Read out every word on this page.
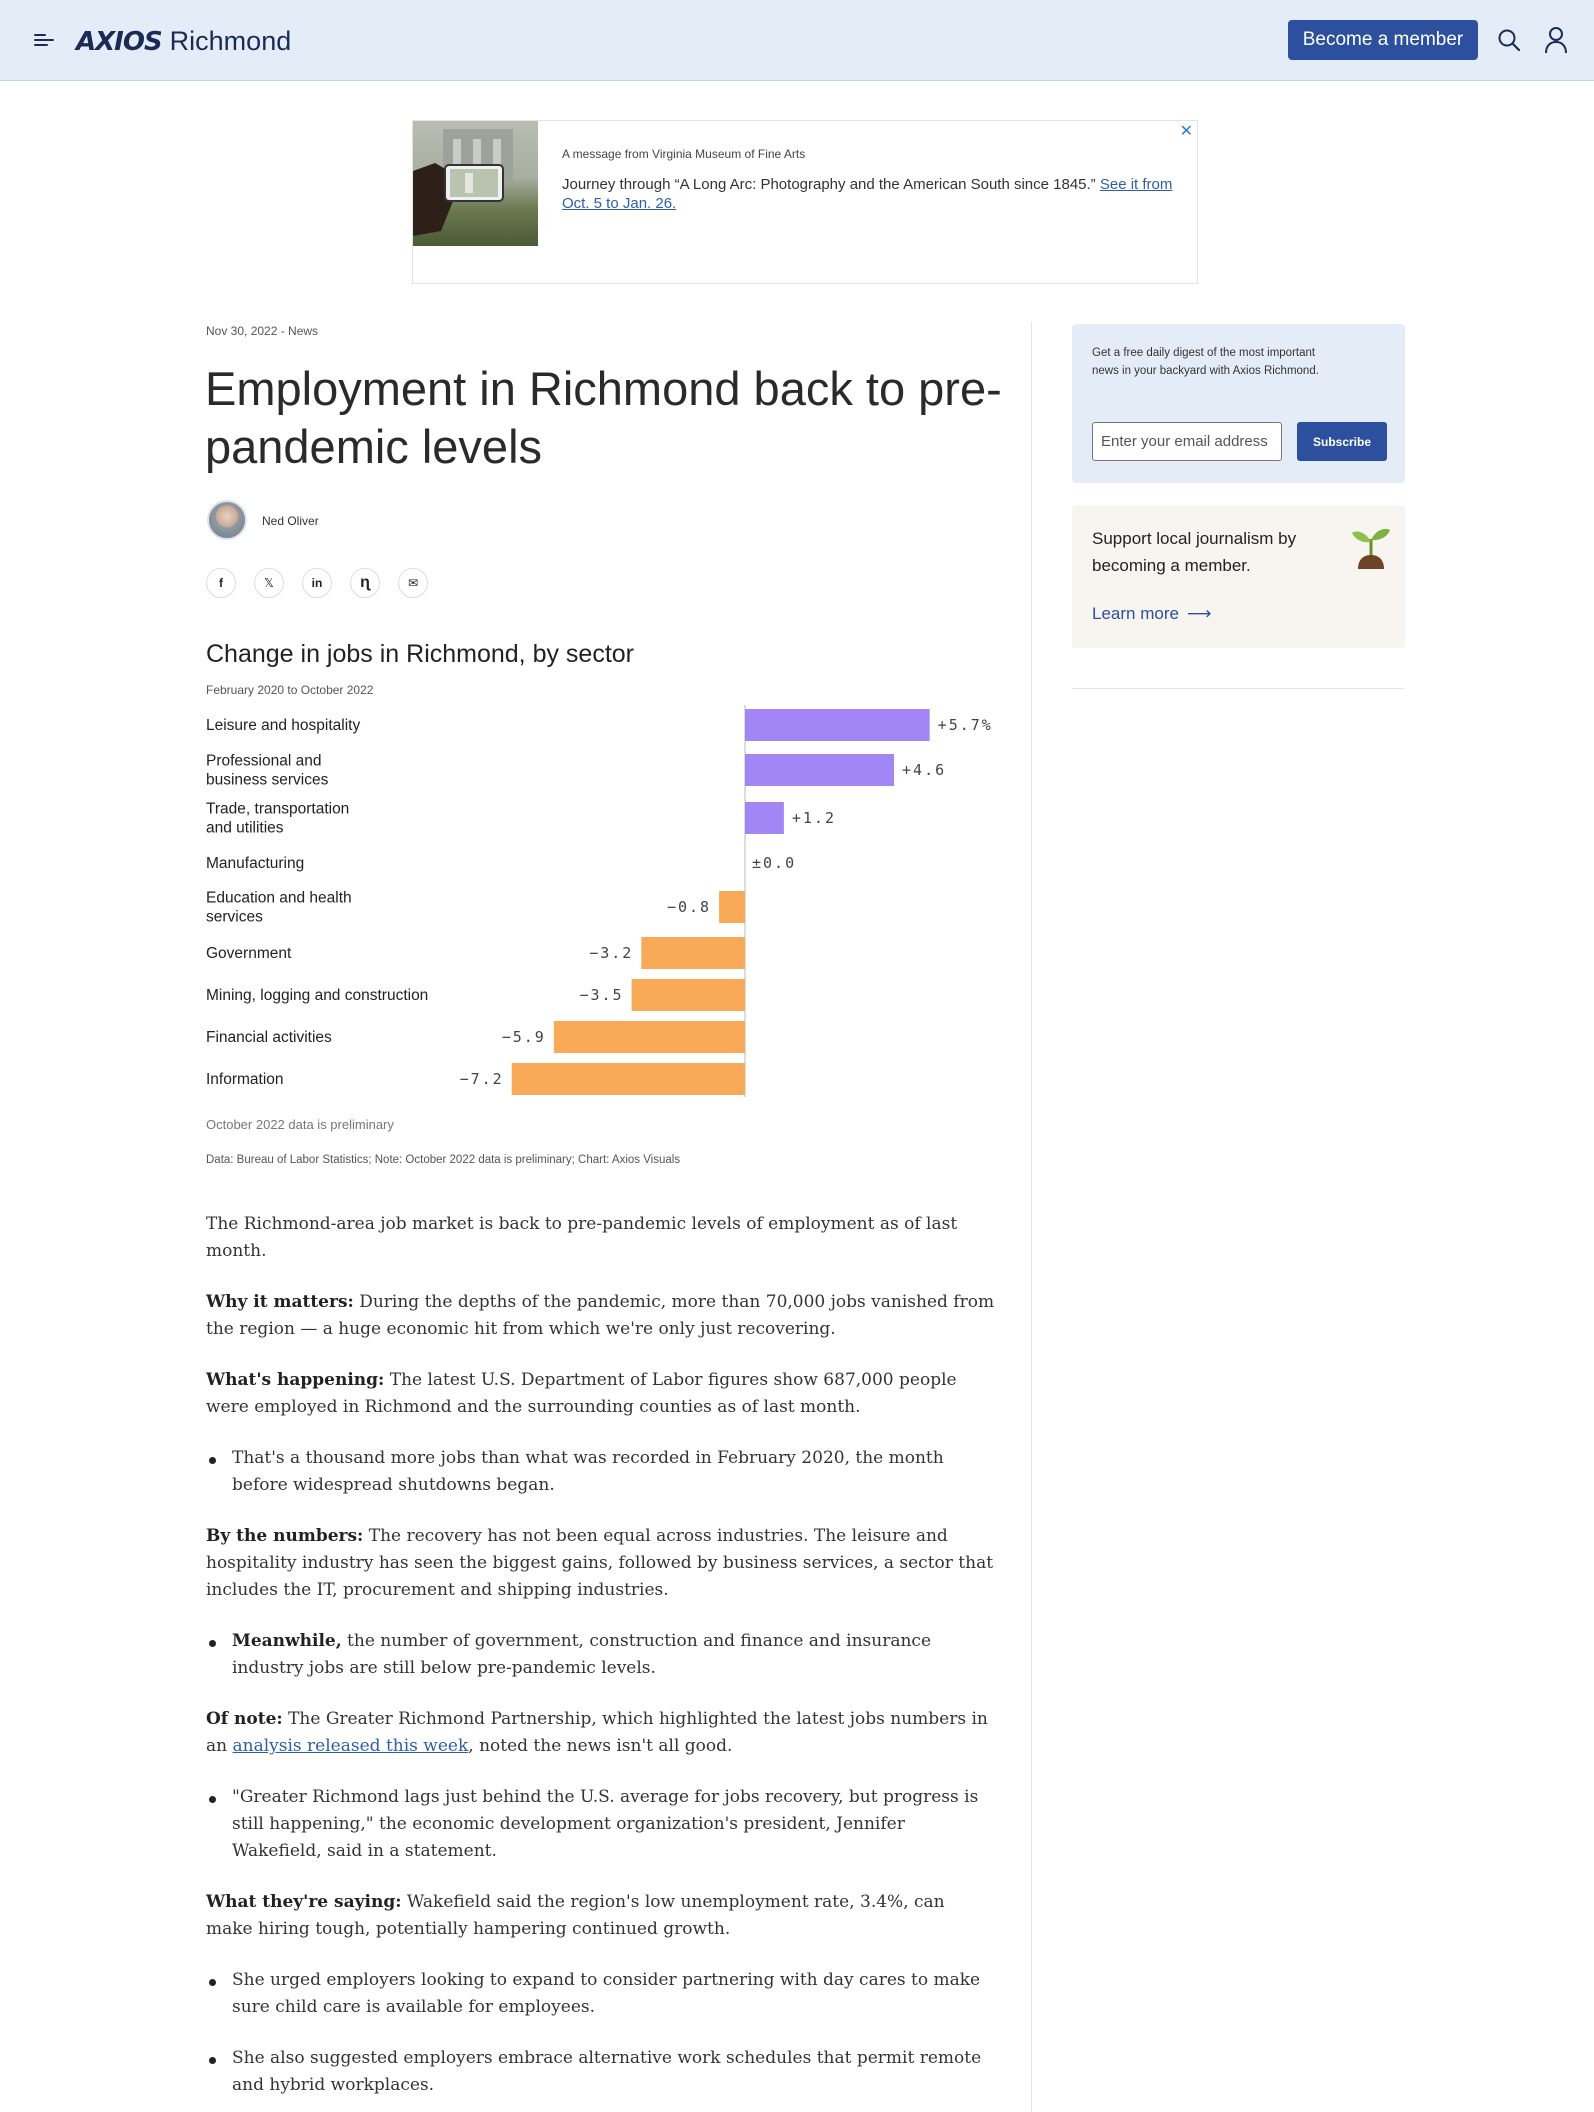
AXIOS Richmond	Become a member
✕
A message from Virginia Museum of Fine Arts
Journey through “A Long Arc: Photography and the American South since 1845.” See it from Oct. 5 to Jan. 26.
Nov 30, 2022 - News
Employment in Richmond back to pre-pandemic levels
Ned Oliver
f	𝕏	in	ɳ	✉
Change in jobs in Richmond, by sector
February 2020 to October 2022
Leisure and hospitality	+5.7%
Professional and
business services
+4.6
Trade, transportation
and utilities
+1.2
Manufacturing	±0.0
Education and health
services
−0.8
Government	−3.2
Mining, logging and construction	−3.5
Financial activities	−5.9
Information	−7.2
October 2022 data is preliminary
Data: Bureau of Labor Statistics; Note: October 2022 data is preliminary; Chart: Axios Visuals

The Richmond-area job market is back to pre-pandemic levels of employment as of last month.

Why it matters: During the depths of the pandemic, more than 70,000 jobs vanished from the region — a huge economic hit from which we're only just recovering.

What's happening: The latest U.S. Department of Labor figures show 687,000 people were employed in Richmond and the surrounding counties as of last month.

That's a thousand more jobs than what was recorded in February 2020, the month before widespread shutdowns began.

By the numbers: The recovery has not been equal across industries. The leisure and hospitality industry has seen the biggest gains, followed by business services, a sector that includes the IT, procurement and shipping industries.

Meanwhile, the number of government, construction and finance and insurance industry jobs are still below pre-pandemic levels.

Of note: The Greater Richmond Partnership, which highlighted the latest jobs numbers in an analysis released this week, noted the news isn't all good.

"Greater Richmond lags just behind the U.S. average for jobs recovery, but progress is still happening," the economic development organization's president, Jennifer Wakefield, said in a statement.

What they're saying: Wakefield said the region's low unemployment rate, 3.4%, can make hiring tough, potentially hampering continued growth.

She urged employers looking to expand to consider partnering with day cares to make sure child care is available for employees.
She also suggested employers embrace alternative work schedules that permit remote and hybrid workplaces.
Get a free daily digest of the most important news in your backyard with Axios Richmond.
Enter your email address
Subscribe
Support local journalism by becoming a member.
Learn more ⟶
